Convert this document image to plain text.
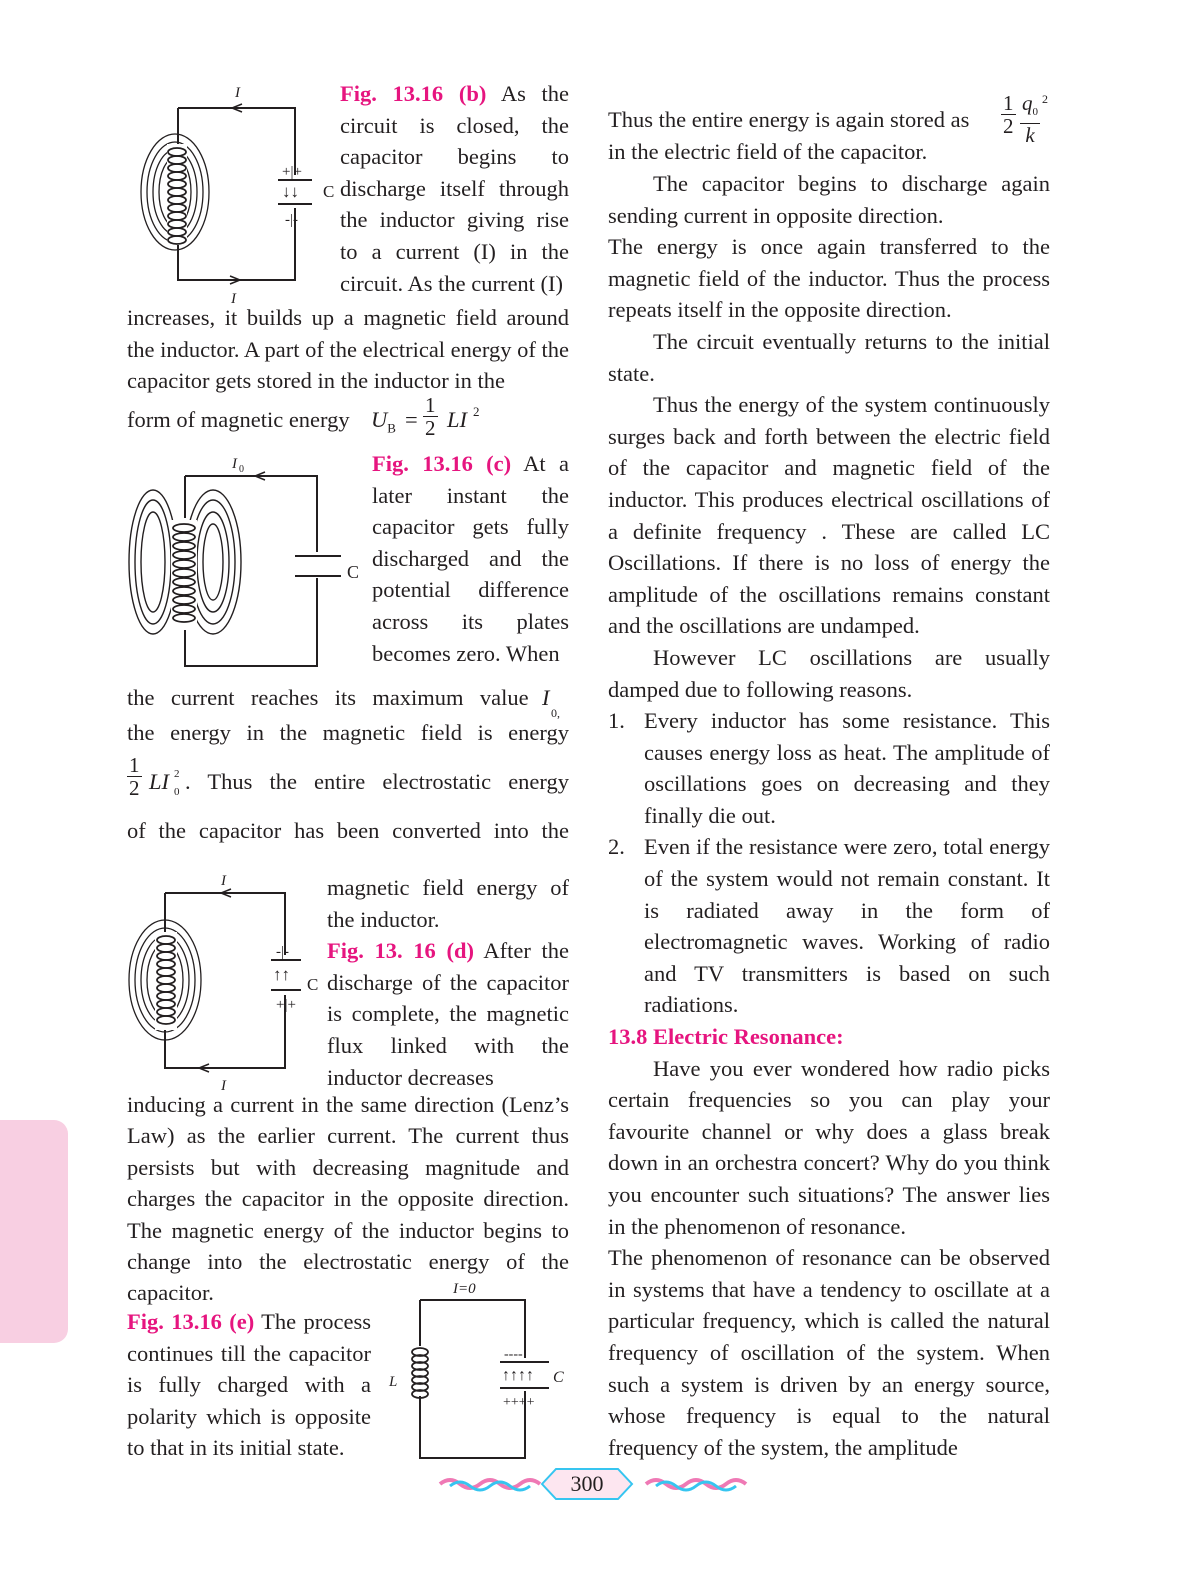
I
I
+|+
↓↓
-|-
C
Fig. 13.16 (b) As the circuit is closed, the capacitor begins to discharge itself through the inductor giving rise to a current (I) in the circuit. As the current (I)
increases, it builds up a magnetic field around the inductor. A part of the electrical energy of the capacitor gets stored in the inductor in the
form of magnetic energy $U_B = \frac{1}{2}$ LI 2
I 0
C
Fig. 13.16 (c) At a later instant the capacitor gets fully discharged and the potential difference across its plates becomes zero. When
the current reaches its maximum value I
0,
the energy in the magnetic field is energy
$\frac{1}{2}$ LI 2
0 . Thus the entire electrostatic energy
of the capacitor has been converted into the
I
I
-|-
↑↑
+|+
C
magnetic field energy of the inductor.
Fig. 13. 16 (d) After the discharge of the capacitor is complete, the magnetic flux linked with the inductor decreases
inducing a current in the same direction (Lenz’s Law) as the earlier current. The current thus persists but with decreasing magnitude and charges the capacitor in the opposite direction. The magnetic energy of the inductor begins to change into the electrostatic energy of the capacitor.	I=0
L
----
↑↑↑↑
++++
C
Fig. 13.16 (e) The process continues till the capacitor is fully charged with a polarity which is opposite to that in its initial state.
Thus the entire energy is again stored as $\frac{1}{2} \frac{q_0}{k} 2$
in the electric field of the capacitor.
The capacitor begins to discharge again sending current in opposite direction.
The energy is once again transferred to the magnetic field of the inductor. Thus the process repeats itself in the opposite direction.
The circuit eventually returns to the initial state.
Thus the energy of the system continuously surges back and forth between the electric field of the capacitor and magnetic field of the inductor. This produces electrical oscillations of a definite frequency . These are called LC Oscillations. If there is no loss of energy the amplitude of the oscillations remains constant and the oscillations are undamped.
However LC oscillations are usually damped due to following reasons.
1. Every inductor has some resistance. This causes energy loss as heat. The amplitude of oscillations goes on decreasing and they finally die out.
2. Even if the resistance were zero, total energy of the system would not remain constant. It is radiated away in the form of electromagnetic waves. Working of radio and TV transmitters is based on such radiations.
13.8 Electric Resonance:
Have you ever wondered how radio picks certain frequencies so you can play your favourite channel or why does a glass break down in an orchestra concert? Why do you think you encounter such situations? The answer lies in the phenomenon of resonance.
The phenomenon of resonance can be observed in systems that have a tendency to oscillate at a particular frequency, which is called the natural frequency of oscillation of the system. When such a system is driven by an energy source, whose frequency is equal to the natural frequency of the system, the amplitude
300
